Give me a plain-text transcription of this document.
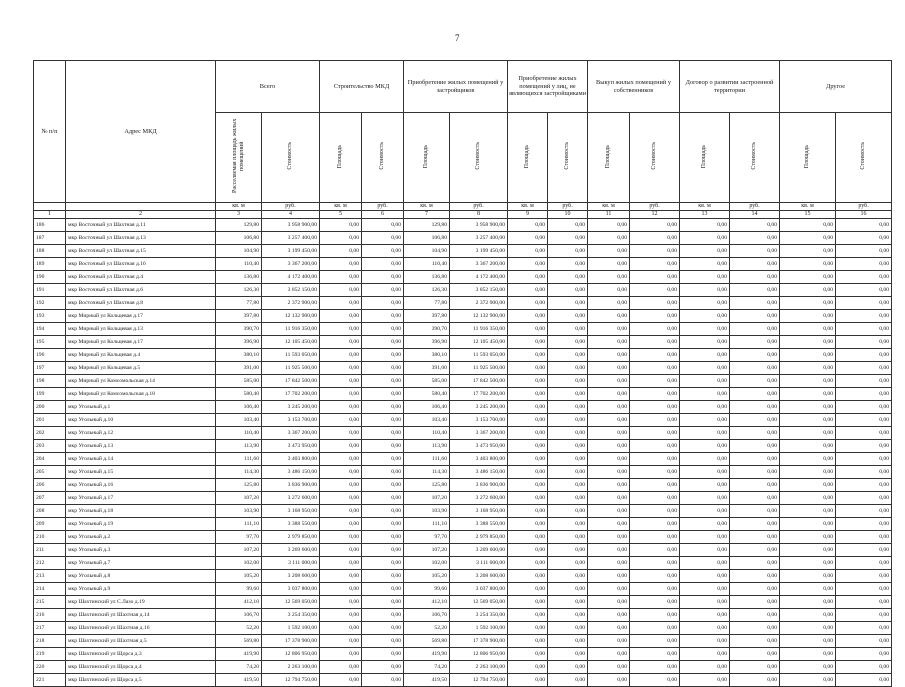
7
№ п/п	Адрес МКД	Всего		Строительство МКД		Приобретение жилых помещений у застройщиков		Приобретение жилых помещений у лиц, не являющихся застройщиками		Выкуп жилых помещений у собственников		Договор о развитии застроенной территории		Другое	
		Расселяемая площадь жилых помещений	Стоимость	Площадь	Стоимость	Площадь	Стоимость	Площадь	Стоимость	Площадь	Стоимость	Площадь	Стоимость	Площадь	Стоимость
		кв. м	руб.	кв. м	руб.	кв. м	руб.	кв. м	руб.	кв. м	руб.	кв. м	руб.	кв. м	руб.
1	2	3	4	5	6	7	8	9	10	11	12	13	14	15	16
186	мкр Восточный ул Шахтная д.11	129,80	3 958 900,00	0,00	0,00	129,80	3 958 900,00	0,00	0,00	0,00	0,00	0,00	0,00	0,00	0,00
187	мкр Восточный ул Шахтная д.13	106,80	3 257 400,00	0,00	0,00	106,80	3 257 400,00	0,00	0,00	0,00	0,00	0,00	0,00	0,00	0,00
188	мкр Восточный ул Шахтная д.15	104,90	3 199 450,00	0,00	0,00	104,90	3 199 450,00	0,00	0,00	0,00	0,00	0,00	0,00	0,00	0,00
189	мкр Восточный ул Шахтная д.16	110,40	3 367 200,00	0,00	0,00	110,40	3 367 200,00	0,00	0,00	0,00	0,00	0,00	0,00	0,00	0,00
190	мкр Восточный ул Шахтная д.4	136,80	4 172 400,00	0,00	0,00	136,80	4 172 400,00	0,00	0,00	0,00	0,00	0,00	0,00	0,00	0,00
191	мкр Восточный ул Шахтная д.6	126,30	3 852 150,00	0,00	0,00	126,30	3 852 150,00	0,00	0,00	0,00	0,00	0,00	0,00	0,00	0,00
192	мкр Восточный ул Шахтная д.8	77,80	2 372 900,00	0,00	0,00	77,80	2 372 900,00	0,00	0,00	0,00	0,00	0,00	0,00	0,00	0,00
193	мкр Мирный ул Кольцевая д.17	397,80	12 132 900,00	0,00	0,00	397,80	12 132 900,00	0,00	0,00	0,00	0,00	0,00	0,00	0,00	0,00
194	мкр Мирный ул Кольцевая д.13	390,70	11 916 350,00	0,00	0,00	390,70	11 916 350,00	0,00	0,00	0,00	0,00	0,00	0,00	0,00	0,00
195	мкр Мирный ул Кольцевая д.17	396,90	12 105 450,00	0,00	0,00	396,90	12 105 450,00	0,00	0,00	0,00	0,00	0,00	0,00	0,00	0,00
196	мкр Мирный ул Кольцевая д.4	380,10	11 593 050,00	0,00	0,00	380,10	11 593 050,00	0,00	0,00	0,00	0,00	0,00	0,00	0,00	0,00
197	мкр Мирный ул Кольцевая д.5	391,00	11 925 500,00	0,00	0,00	391,00	11 925 500,00	0,00	0,00	0,00	0,00	0,00	0,00	0,00	0,00
198	мкр Мирный ул Комсомольская д.14	585,00	17 842 500,00	0,00	0,00	585,00	17 842 500,00	0,00	0,00	0,00	0,00	0,00	0,00	0,00	0,00
199	мкр Мирный ул Комсомольская д.18	580,40	17 702 200,00	0,00	0,00	580,40	17 702 200,00	0,00	0,00	0,00	0,00	0,00	0,00	0,00	0,00
200	мкр Угольный д.1	106,40	3 245 200,00	0,00	0,00	106,40	3 245 200,00	0,00	0,00	0,00	0,00	0,00	0,00	0,00	0,00
201	мкр Угольный д.10	103,40	3 153 700,00	0,00	0,00	103,40	3 153 700,00	0,00	0,00	0,00	0,00	0,00	0,00	0,00	0,00
202	мкр Угольный д.12	110,40	3 367 200,00	0,00	0,00	110,40	3 367 200,00	0,00	0,00	0,00	0,00	0,00	0,00	0,00	0,00
203	мкр Угольный д.13	113,90	3 473 950,00	0,00	0,00	113,90	3 473 950,00	0,00	0,00	0,00	0,00	0,00	0,00	0,00	0,00
204	мкр Угольный д.14	111,60	3 403 800,00	0,00	0,00	111,60	3 403 800,00	0,00	0,00	0,00	0,00	0,00	0,00	0,00	0,00
205	мкр Угольный д.15	114,30	3 486 150,00	0,00	0,00	114,30	3 486 150,00	0,00	0,00	0,00	0,00	0,00	0,00	0,00	0,00
206	мкр Угольный д.16	125,80	3 836 900,00	0,00	0,00	125,80	3 836 900,00	0,00	0,00	0,00	0,00	0,00	0,00	0,00	0,00
207	мкр Угольный д.17	107,20	3 272 600,00	0,00	0,00	107,20	3 272 600,00	0,00	0,00	0,00	0,00	0,00	0,00	0,00	0,00
208	мкр Угольный д.18	103,90	3 168 950,00	0,00	0,00	103,90	3 168 950,00	0,00	0,00	0,00	0,00	0,00	0,00	0,00	0,00
209	мкр Угольный д.19	111,10	3 388 550,00	0,00	0,00	111,10	3 388 550,00	0,00	0,00	0,00	0,00	0,00	0,00	0,00	0,00
210	мкр Угольный д.2	97,70	2 979 850,00	0,00	0,00	97,70	2 979 850,00	0,00	0,00	0,00	0,00	0,00	0,00	0,00	0,00
211	мкр Угольный д.3	107,20	3 269 600,00	0,00	0,00	107,20	3 269 600,00	0,00	0,00	0,00	0,00	0,00	0,00	0,00	0,00
212	мкр Угольный д.7	102,00	3 111 000,00	0,00	0,00	102,00	3 111 000,00	0,00	0,00	0,00	0,00	0,00	0,00	0,00	0,00
213	мкр Угольный д.8	105,20	3 208 600,00	0,00	0,00	105,20	3 208 600,00	0,00	0,00	0,00	0,00	0,00	0,00	0,00	0,00
214	мкр Угольный д.9	99,60	3 037 800,00	0,00	0,00	99,60	3 037 800,00	0,00	0,00	0,00	0,00	0,00	0,00	0,00	0,00
215	мкр Шахтинский ул С.Лазо д.19	412,10	12 569 050,00	0,00	0,00	412,10	12 569 050,00	0,00	0,00	0,00	0,00	0,00	0,00	0,00	0,00
216	мкр Шахтинский ул Шахтная д.14	106,70	3 254 350,00	0,00	0,00	106,70	3 254 350,00	0,00	0,00	0,00	0,00	0,00	0,00	0,00	0,00
217	мкр Шахтинский ул Шахтная д.16	52,20	1 592 100,00	0,00	0,00	52,20	1 592 100,00	0,00	0,00	0,00	0,00	0,00	0,00	0,00	0,00
218	мкр Шахтинский ул Шахтная д.5	569,80	17 378 900,00	0,00	0,00	569,80	17 378 900,00	0,00	0,00	0,00	0,00	0,00	0,00	0,00	0,00
219	мкр Шахтинский ул Щорса д.3	419,90	12 806 950,00	0,00	0,00	419,90	12 806 950,00	0,00	0,00	0,00	0,00	0,00	0,00	0,00	0,00
220	мкр Шахтинский ул Щорса д.4	74,20	2 263 100,00	0,00	0,00	74,20	2 263 100,00	0,00	0,00	0,00	0,00	0,00	0,00	0,00	0,00
221	мкр Шахтинский ул Щорса д.5	419,50	12 794 750,00	0,00	0,00	419,50	12 794 750,00	0,00	0,00	0,00	0,00	0,00	0,00	0,00	0,00
